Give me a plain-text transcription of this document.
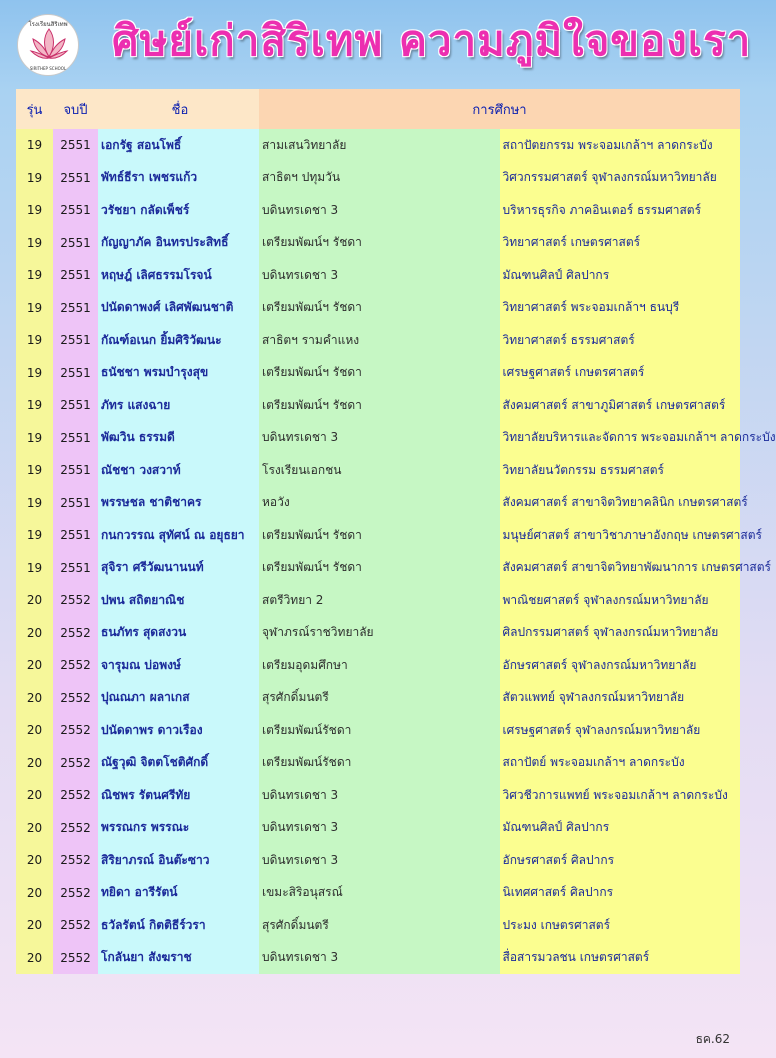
โรงเรียนสิริเทพ
SIRITHEP SCHOOL
ศิษย์เก่าสิริเทพ ความภูมิใจของเรา
รุ่น	จบปี	ชื่อ	การศึกษา	
19	2551	เอกรัฐ สอนโพธิ์	สามเสนวิทยาลัย	สถาปัตยกรรม พระจอมเกล้าฯ ลาดกระบัง
19	2551	พัทธ์ธีรา เพชรแก้ว	สาธิตฯ ปทุมวัน	วิศวกรรมศาสตร์ จุฬาลงกรณ์มหาวิทยาลัย
19	2551	วรัชยา กลัดเพ็ชร์	บดินทรเดชา 3	บริหารธุรกิจ ภาคอินเตอร์ ธรรมศาสตร์
19	2551	กัญญาภัค อินทรประสิทธิ์	เตรียมพัฒน์ฯ รัชดา	วิทยาศาสตร์ เกษตรศาสตร์
19	2551	หฤษฎ์ เลิศธรรมโรจน์	บดินทรเดชา 3	มัณฑนศิลป์ ศิลปากร
19	2551	ปนัดดาพงศ์ เลิศพัฒนชาติ	เตรียมพัฒน์ฯ รัชดา	วิทยาศาสตร์ พระจอมเกล้าฯ ธนบุรี
19	2551	กัณฑ์อเนก ยิ้มศิริวัฒนะ	สาธิตฯ รามคำแหง	วิทยาศาสตร์ ธรรมศาสตร์
19	2551	ธนัชชา พรมบำรุงสุข	เตรียมพัฒน์ฯ รัชดา	เศรษฐศาสตร์ เกษตรศาสตร์
19	2551	ภัทร แสงฉาย	เตรียมพัฒน์ฯ รัชดา	สังคมศาสตร์ สาขาภูมิศาสตร์ เกษตรศาสตร์
19	2551	พัฒวิน ธรรมดี	บดินทรเดชา 3	วิทยาลัยบริหารและจัดการ พระจอมเกล้าฯ ลาดกระบัง
19	2551	ณัชชา วงสวาท์	โรงเรียนเอกชน	วิทยาลัยนวัตกรรม ธรรมศาสตร์
19	2551	พรรษชล ชาติชาคร	หอวัง	สังคมศาสตร์ สาขาจิตวิทยาคลินิก เกษตรศาสตร์
19	2551	กนกวรรณ สุทัศน์ ณ อยุธยา	เตรียมพัฒน์ฯ รัชดา	มนุษย์ศาสตร์ สาขาวิชาภาษาอังกฤษ เกษตรศาสตร์
19	2551	สุจิรา ศรีวัฒนานนท์	เตรียมพัฒน์ฯ รัชดา	สังคมศาสตร์ สาขาจิตวิทยาพัฒนาการ เกษตรศาสตร์
20	2552	ปพน สถิตยาณิช	สตรีวิทยา 2	พาณิชยศาสตร์ จุฬาลงกรณ์มหาวิทยาลัย
20	2552	ธนภัทร สุดสงวน	จุฬาภรณ์ราชวิทยาลัย	ศิลปกรรมศาสตร์ จุฬาลงกรณ์มหาวิทยาลัย
20	2552	จารุมณ บ่อพงษ์	เตรียมอุดมศึกษา	อักษรศาสตร์ จุฬาลงกรณ์มหาวิทยาลัย
20	2552	ปุณณภา ผลาเกส	สุรศักดิ์มนตรี	สัตวแพทย์ จุฬาลงกรณ์มหาวิทยาลัย
20	2552	ปนัดดาพร ดาวเรือง	เตรียมพัฒน์รัชดา	เศรษฐศาสตร์ จุฬาลงกรณ์มหาวิทยาลัย
20	2552	ณัฐวุฒิ จิตตโชติศักดิ์	เตรียมพัฒน์รัชดา	สถาปัตย์ พระจอมเกล้าฯ ลาดกระบัง
20	2552	ณิชพร รัตนศรีทัย	บดินทรเดชา 3	วิศวชีวการแพทย์ พระจอมเกล้าฯ ลาดกระบัง
20	2552	พรรณกร พรรณะ	บดินทรเดชา 3	มัณฑนศิลป์ ศิลปากร
20	2552	สิริยาภรณ์ อินต๊ะซาว	บดินทรเดชา 3	อักษรศาสตร์ ศิลปากร
20	2552	ทยิดา อารีรัตน์	เขมะสิริอนุสรณ์	นิเทศศาสตร์ ศิลปากร
20	2552	ธวัลรัตน์ กิตติธีร์วรา	สุรศักดิ์มนตรี	ประมง เกษตรศาสตร์
20	2552	โกลันยา สังฆราช	บดินทรเดชา 3	สื่อสารมวลชน เกษตรศาสตร์
ธค.62
